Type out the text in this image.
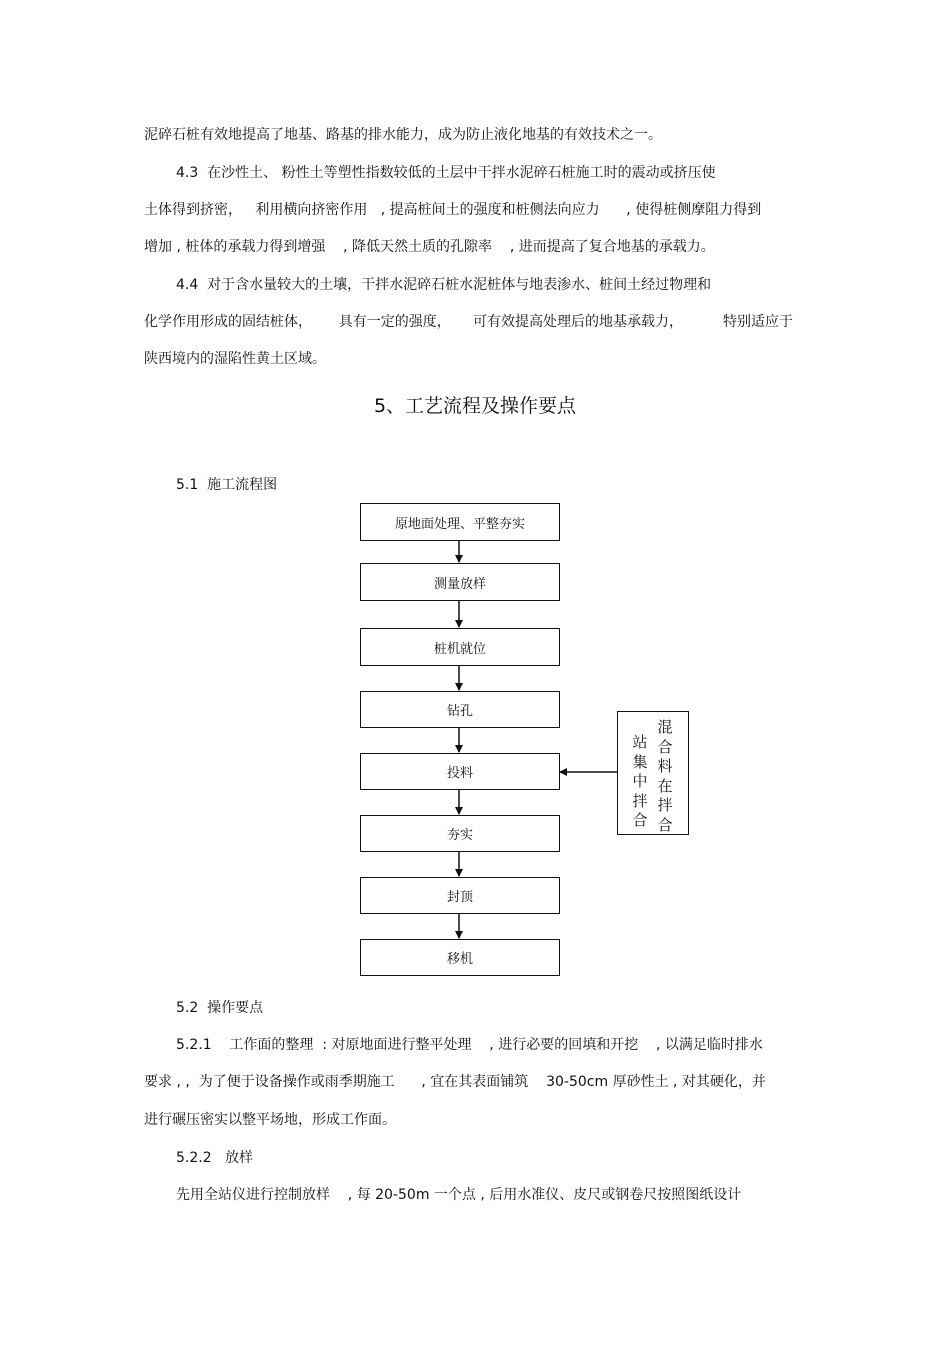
泥碎石桩有效地提高了地基、路基的排水能力，成为防止液化地基的有效技术之一。
4.3  在沙性土、 粉性土等塑性指数较低的土层中干拌水泥碎石桩施工时的震动或挤压使
土体得到挤密，   利用横向挤密作用   , 提高桩间土的强度和桩侧法向应力      , 使得桩侧摩阻力得到
增加 , 桩体的承载力得到增强    , 降低天然土质的孔隙率    , 进而提高了复合地基的承载力。
4.4  对于含水量较大的土壤，干拌水泥碎石桩水泥桩体与地表渗水、桩间土经过物理和
化学作用形成的固结桩体，      具有一定的强度，     可有效提高处理后的地基承载力，         特别适应于
陕西境内的湿陷性黄土区域。
5、工艺流程及操作要点
5.1  施工流程图
原地面处理、平整夯实
测量放样
桩机就位
钻孔
投料
夯实
封顶
移机
混合料在拌合
站集中拌合
5.2  操作要点
5.2.1    工作面的整理  : 对原地面进行整平处理    , 进行必要的回填和开挖    , 以满足临时排水
要求 , ,  为了便于设备操作或雨季期施工      , 宜在其表面铺筑    30-50cm 厚砂性土 , 对其硬化，并
进行碾压密实以整平场地，形成工作面。
5.2.2   放样
先用全站仪进行控制放样    , 每 20-50m 一个点 , 后用水准仪、皮尺或钢卷尺按照图纸设计
